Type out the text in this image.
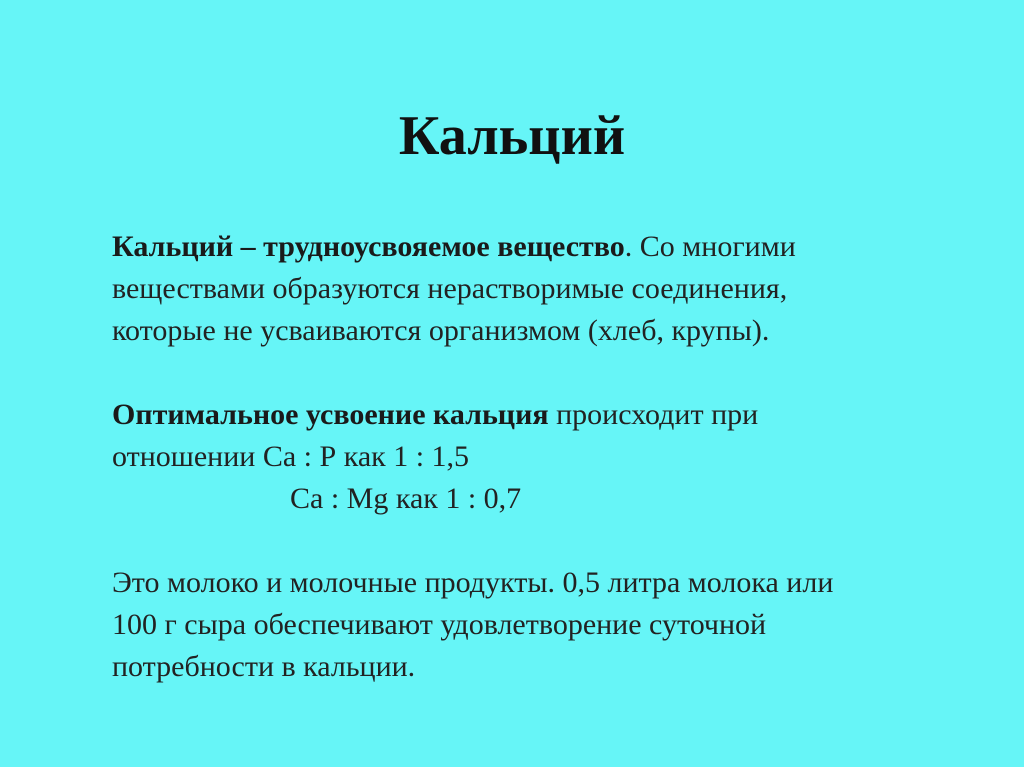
Кальций

Кальций – трудноусвояемое вещество. Со многими
веществами образуются нерастворимые соединения,
которые не усваиваются организмом (хлеб, крупы).

Оптимальное усвоение кальция происходит при
отношении Са : Р как 1 : 1,5
Са : Mg как 1 : 0,7

Это молоко и молочные продукты. 0,5 литра молока или
100 г сыра обеспечивают удовлетворение суточной
потребности в кальции.
